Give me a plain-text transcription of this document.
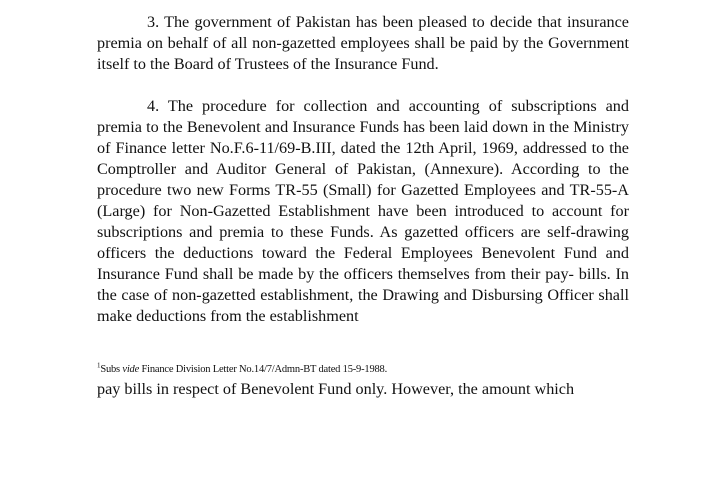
3. The government of Pakistan has been pleased to decide that insurance premia on behalf of all non-gazetted employees shall be paid by the Government itself to the Board of Trustees of the Insurance Fund.

4. The procedure for collection and accounting of subscriptions and premia to the Benevolent and Insurance Funds has been laid down in the Ministry of Finance letter No.F.6-11/69-B.III, dated the 12th April, 1969, addressed to the Comptroller and Auditor General of Pakistan, (Annexure). According to the procedure two new Forms TR-55 (Small) for Gazetted Employees and TR-55-A (Large) for Non-Gazetted Establishment have been introduced to account for subscriptions and premia to these Funds. As gazetted officers are self-drawing officers the deductions toward the Federal Employees Benevolent Fund and Insurance Fund shall be made by the officers themselves from their pay- bills. In the case of non-gazetted establishment, the Drawing and Disbursing Officer shall make deductions from the establishment

$^1$Subs vide Finance Division Letter No.14/7/Admn-BT dated 15-9-1988.

pay bills in respect of Benevolent Fund only. However, the amount which
